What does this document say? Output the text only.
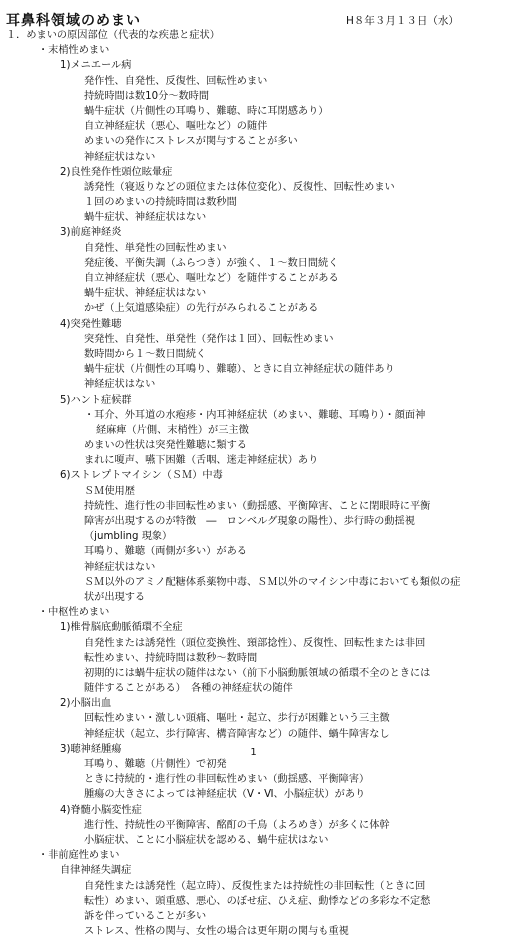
耳鼻科領域のめまい	H８年３月１３日（水）
１．めまいの原因部位（代表的な疾患と症状）
・末梢性めまい
1)メニエール病
発作性、自発性、反復性、回転性めまい
持続時間は数10分～数時間
蝸牛症状（片側性の耳鳴り、難聴、時に耳閉感あり）
自立神経症状（悪心、嘔吐など）の随伴
めまいの発作にストレスが関与することが多い
神経症状はない
2)良性発作性頭位眩暈症
誘発性（寝返りなどの頭位または体位変化）、反復性、回転性めまい
１回のめまいの持続時間は数秒間
蝸牛症状、神経症状はない
3)前庭神経炎
自発性、単発性の回転性めまい
発症後、平衡失調（ふらつき）が強く、１～数日間続く
自立神経症状（悪心、嘔吐など）を随伴することがある
蝸牛症状、神経症状はない
かぜ（上気道感染症）の先行がみられることがある
4)突発性難聴
突発性、自発性、単発性（発作は１回）、回転性めまい
数時間から１～数日間続く
蝸牛症状（片側性の耳鳴り、難聴）、ときに自立神経症状の随伴あり
神経症状はない
5)ハント症候群
・耳介、外耳道の水疱疹・内耳神経症状（めまい、難聴、耳鳴り）・顔面神
経麻痺（片側、末梢性）が三主徴
めまいの性状は突発性難聴に類する
まれに嗄声、嚥下困難（舌咽、迷走神経症状）あり
6)ストレプトマイシン（ＳＭ）中毒
ＳＭ使用歴
持続性、進行性の非回転性めまい（動揺感、平衡障害、ことに閉眼時に平衡
障害が出現するのが特徴　―　ロンベルグ現象の陽性）、歩行時の動揺視
（jumbling 現象）
耳鳴り、難聴（両側が多い）がある
神経症状はない
ＳＭ以外のアミノ配糖体系薬物中毒、ＳＭ以外のマイシン中毒においても類似の症
状が出現する
・中枢性めまい
1)椎骨脳底動脈循環不全症
自発性または誘発性（頭位変換性、頸部捻性）、反復性、回転性または非回
転性めまい、持続時間は数秒～数時間
初期的には蝸牛症状の随伴はない（前下小脳動脈領域の循環不全のときには
随伴することがある）　各種の神経症状の随伴
2)小脳出血
回転性めまい・激しい頭痛、嘔吐・起立、歩行が困難という三主徴
神経症状（起立、歩行障害、構音障害など）の随伴、蝸牛障害なし
3)聴神経腫瘍
耳鳴り、難聴（片側性）で初発
ときに持続的・進行性の非回転性めまい（動揺感、平衡障害）
腫瘍の大きさによっては神経症状（Ⅴ・Ⅵ、小脳症状）があり
4)脊髄小脳変性症
進行性、持続性の平衡障害、酩酊の千鳥（よろめき）が多くに体幹
小脳症状、ことに小脳症状を認める、蝸牛症状はない
・非前庭性めまい
自律神経失調症
自発性または誘発性（起立時）、反復性または持続性の非回転性（ときに回
転性）めまい、頭重感、悪心、のぼせ症、ひえ症、動悸などの多彩な不定愁
訴を伴っていることが多い
ストレス、性格の関与、女性の場合は更年期の関与も重視
1
